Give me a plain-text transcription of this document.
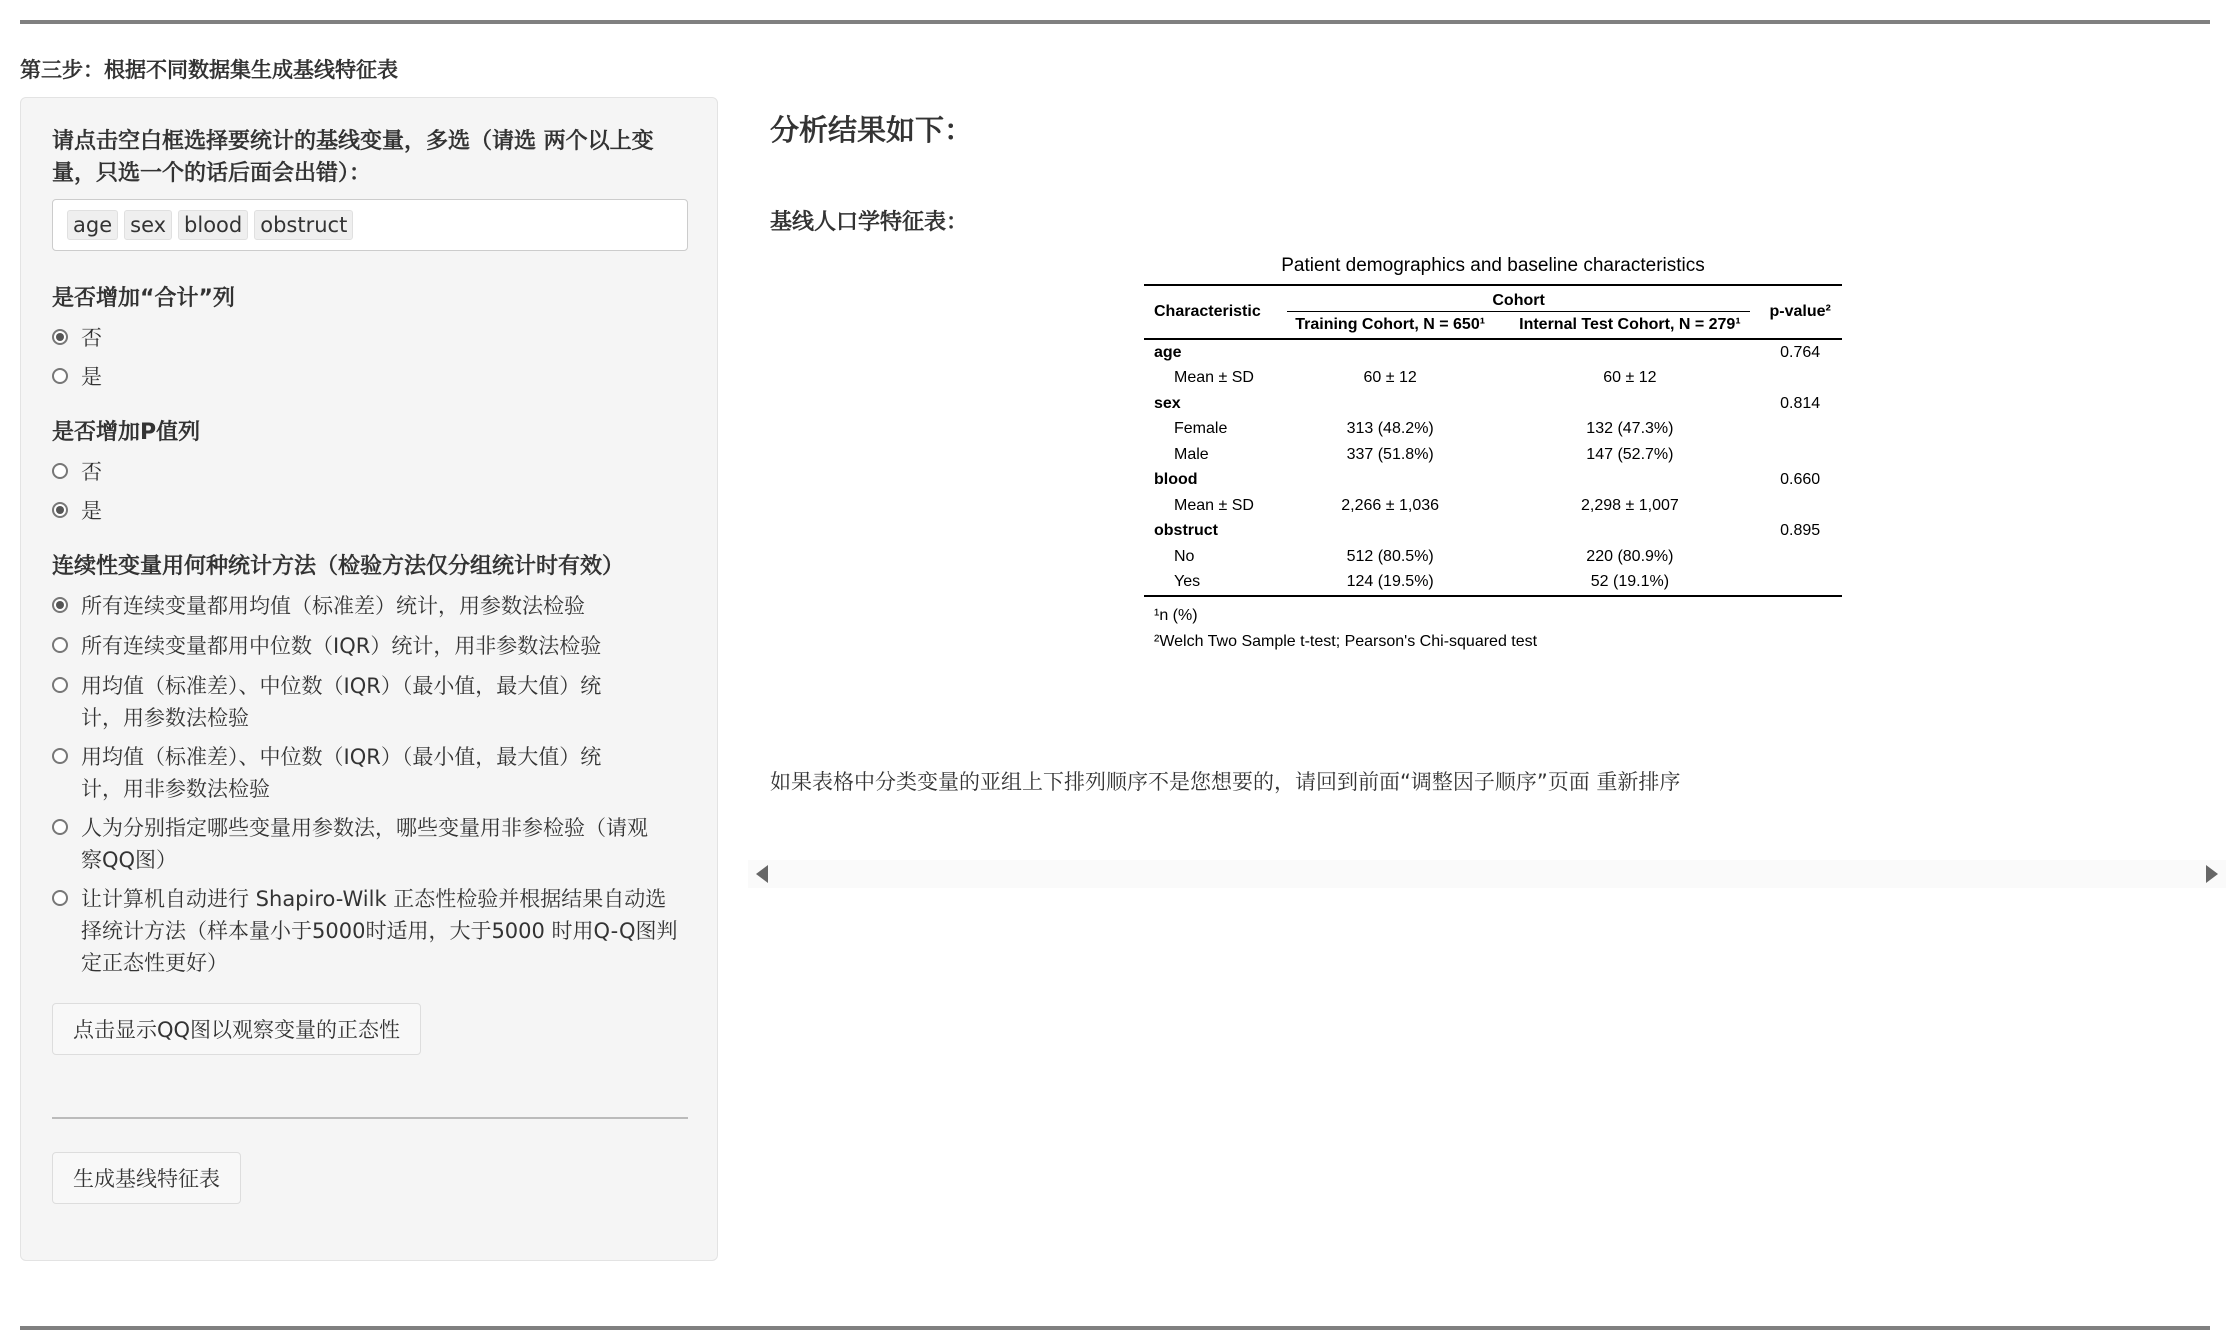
第三步：根据不同数据集生成基线特征表
请点击空白框选择要统计的基线变量，多选（请选 两个以上变
量，只选一个的话后面会出错）：
age sex blood obstruct
是否增加“合计”列
否
是
是否增加P值列
否
是
连续性变量用何种统计方法（检验方法仅分组统计时有效）
所有连续变量都用均值（标准差）统计，用参数法检验
所有连续变量都用中位数（IQR）统计，用非参数法检验
用均值（标准差）、中位数（IQR）（最小值，最大值）统
计，用参数法检验
用均值（标准差）、中位数（IQR）（最小值，最大值）统
计，用非参数法检验
人为分别指定哪些变量用参数法，哪些变量用非参检验（请观
察QQ图）
让计算机自动进行 Shapiro-Wilk 正态性检验并根据结果自动选
择统计方法（样本量小于5000时适用，大于5000 时用Q-Q图判
定正态性更好）
点击显示QQ图以观察变量的正态性
生成基线特征表
分析结果如下：
基线人口学特征表：
Patient demographics and baseline characteristics
Characteristic	Cohort		p-value²
	Training Cohort, N = 650¹	Internal Test Cohort, N = 279¹	
age			0.764
Mean ± SD	60 ± 12	60 ± 12	
sex			0.814
Female	313 (48.2%)	132 (47.3%)	
Male	337 (51.8%)	147 (52.7%)	
blood			0.660
Mean ± SD	2,266 ± 1,036	2,298 ± 1,007	
obstruct			0.895
No	512 (80.5%)	220 (80.9%)	
Yes	124 (19.5%)	52 (19.1%)	
¹n (%)
²Welch Two Sample t-test; Pearson's Chi-squared test
如果表格中分类变量的亚组上下排列顺序不是您想要的，请回到前面“调整因子顺序”页面 重新排序
